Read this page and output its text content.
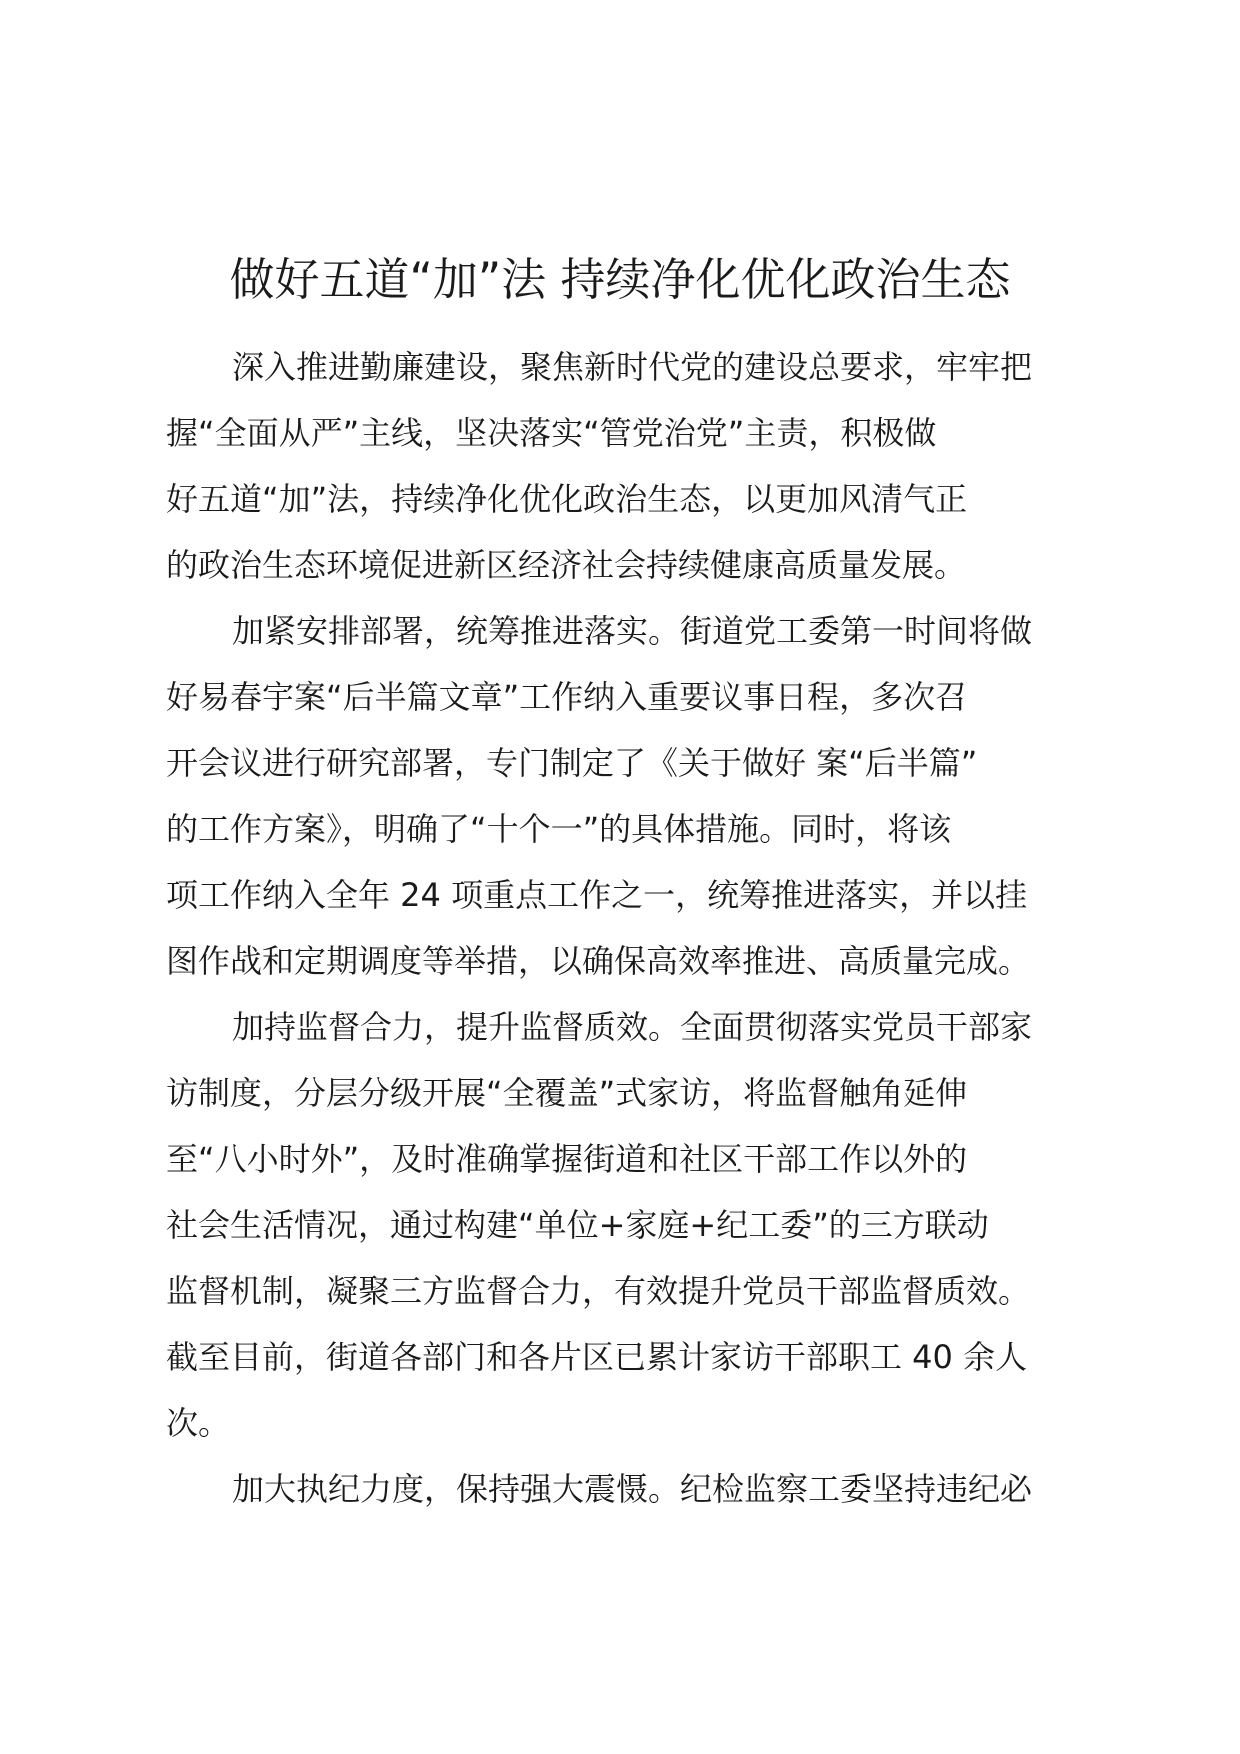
做好五道“加”法 持续净化优化政治生态
深入推进勤廉建设，聚焦新时代党的建设总要求，牢牢把
握“全面从严”主线，坚决落实“管党治党”主责，积极做
好五道“加”法，持续净化优化政治生态，以更加风清气正
的政治生态环境促进新区经济社会持续健康高质量发展。
加紧安排部署，统筹推进落实。街道党工委第一时间将做
好易春宇案“后半篇文章”工作纳入重要议事日程，多次召
开会议进行研究部署，专门制定了《关于做好 案“后半篇”
的工作方案》，明确了“十个一”的具体措施。同时，将该
项工作纳入全年 24 项重点工作之一，统筹推进落实，并以挂
图作战和定期调度等举措，以确保高效率推进、高质量完成。
加持监督合力，提升监督质效。全面贯彻落实党员干部家
访制度，分层分级开展“全覆盖”式家访，将监督触角延伸
至“八小时外”，及时准确掌握街道和社区干部工作以外的
社会生活情况，通过构建“单位+家庭+纪工委”的三方联动
监督机制，凝聚三方监督合力，有效提升党员干部监督质效。
截至目前，街道各部门和各片区已累计家访干部职工 40 余人
次。
加大执纪力度，保持强大震慑。纪检监察工委坚持违纪必
